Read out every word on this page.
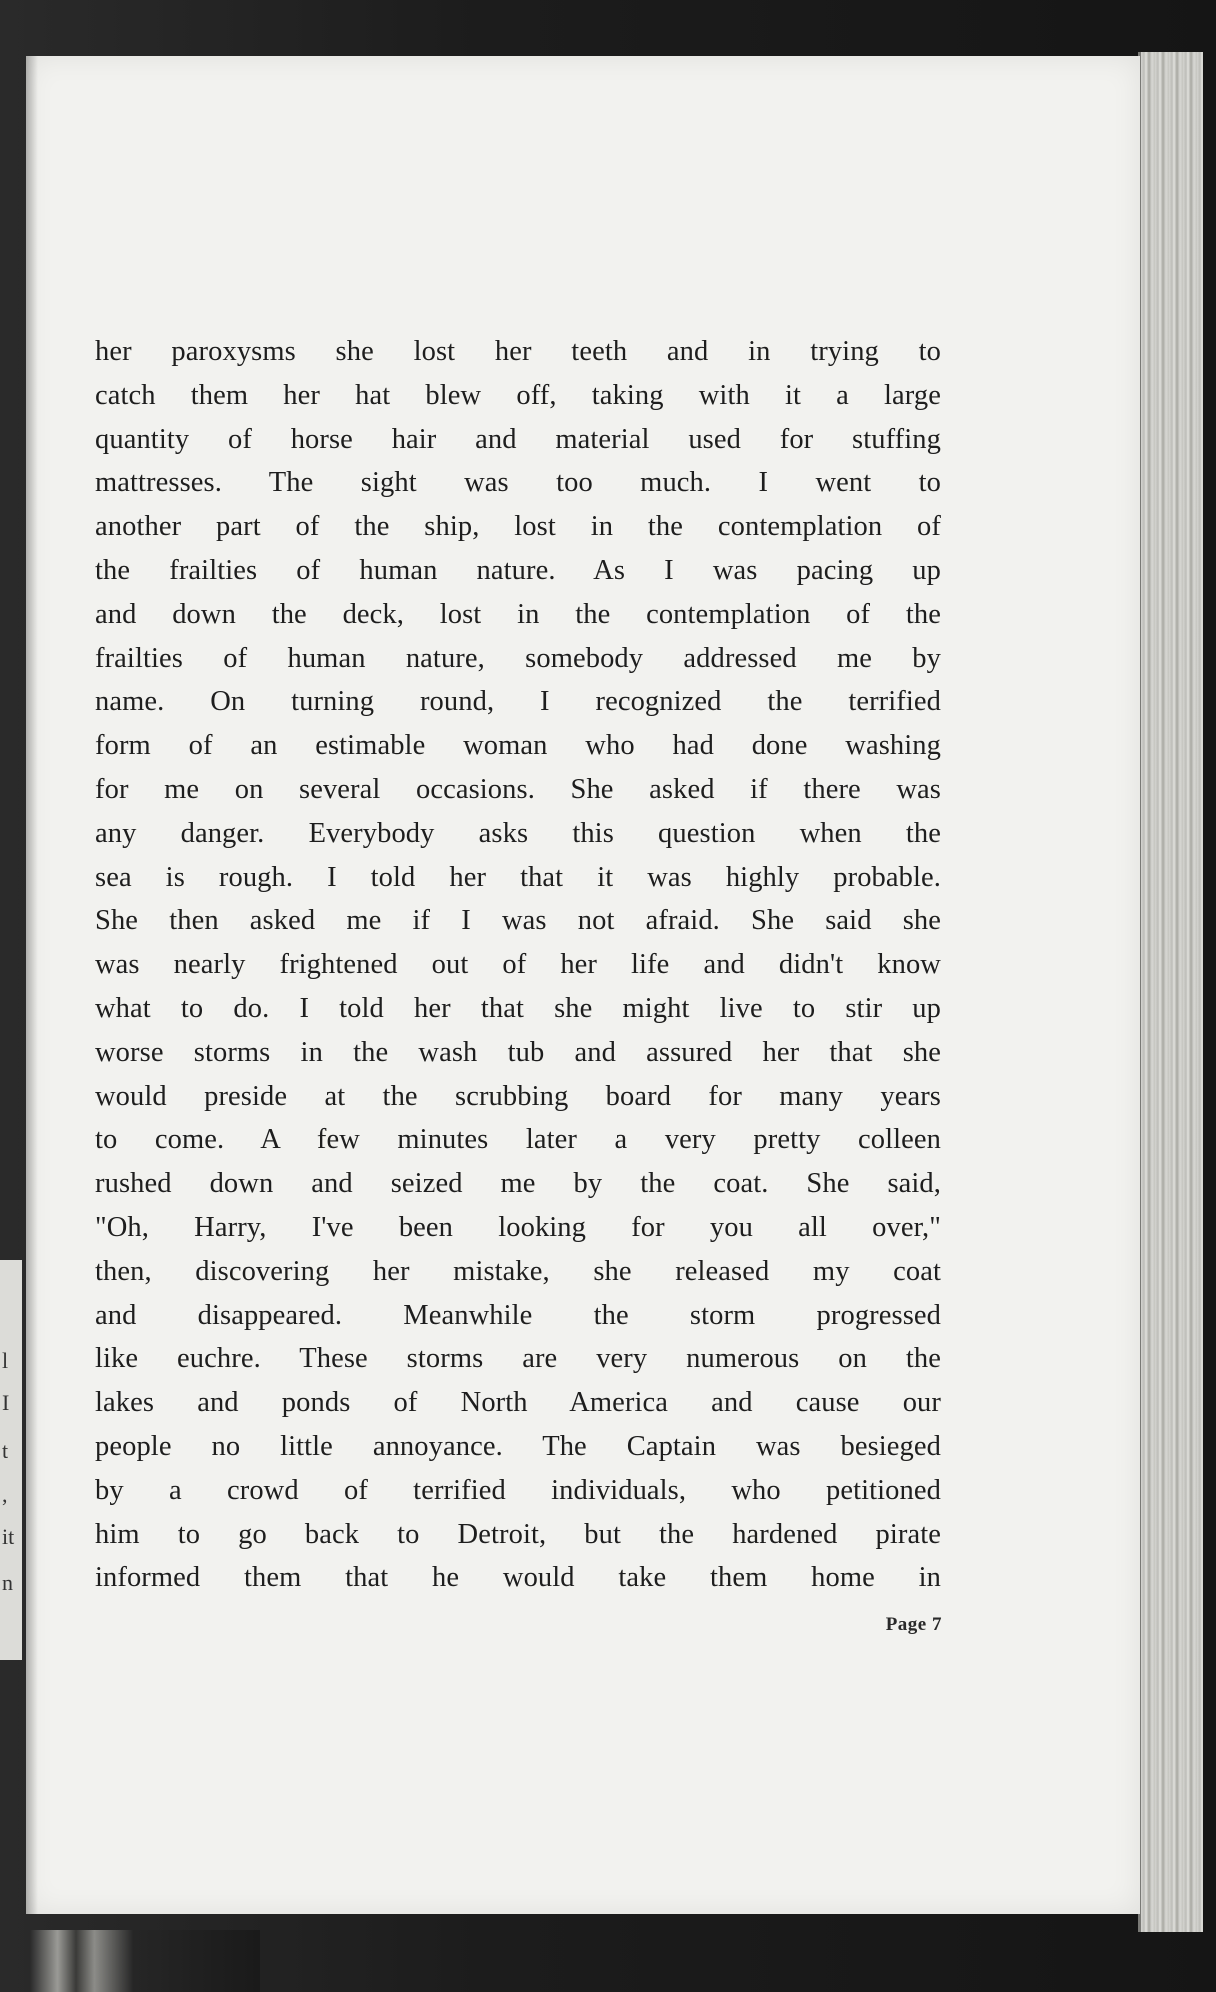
l
I
t
,
it
n
her paroxysms she lost her teeth and in trying to
catch them her hat blew off, taking with it a large
quantity of horse hair and material used for stuffing
mattresses. The sight was too much. I went to
another part of the ship, lost in the contemplation of
the frailties of human nature. As I was pacing up
and down the deck, lost in the contemplation of the
frailties of human nature, somebody addressed me by
name. On turning round, I recognized the terrified
form of an estimable woman who had done washing
for me on several occasions. She asked if there was
any danger. Everybody asks this question when the
sea is rough. I told her that it was highly probable.
She then asked me if I was not afraid. She said she
was nearly frightened out of her life and didn't know
what to do. I told her that she might live to stir up
worse storms in the wash tub and assured her that she
would preside at the scrubbing board for many years
to come. A few minutes later a very pretty colleen
rushed down and seized me by the coat. She said,
"Oh, Harry, I've been looking for you all over,"
then, discovering her mistake, she released my coat
and disappeared. Meanwhile the storm progressed
like euchre. These storms are very numerous on the
lakes and ponds of North America and cause our
people no little annoyance. The Captain was besieged
by a crowd of terrified individuals, who petitioned
him to go back to Detroit, but the hardened pirate
informed them that he would take them home in
Page 7
